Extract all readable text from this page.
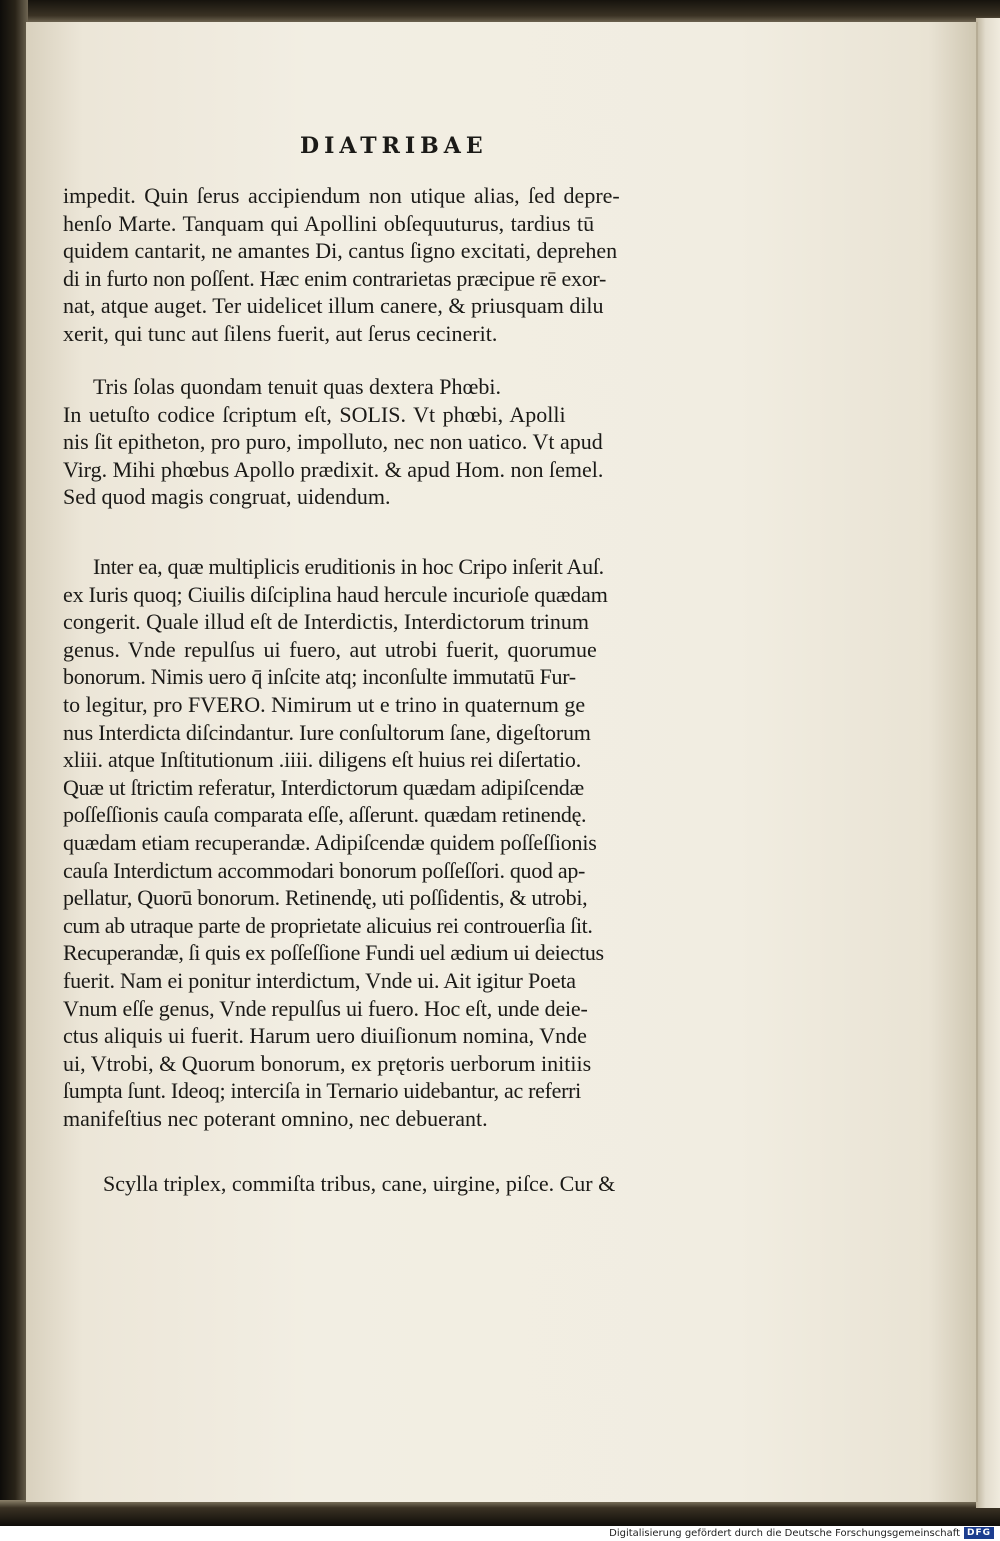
DIATRIBAE
impedit. Quin ſerus accipiendum non utique alias, ſed depre-
henſo Marte. Tanquam qui Apollini obſequuturus, tardius tū
quidem cantarit, ne amantes Di, cantus ſigno excitati, deprehen
di in furto non poſſent. Hæc enim contrarietas præcipue rē exor-
nat, atque auget. Ter uidelicet illum canere, & priusquam dilu
xerit, qui tunc aut ſilens fuerit, aut ſerus cecinerit.
Tris ſolas quondam tenuit quas dextera Phœbi.
In uetuſto codice ſcriptum eſt, SOLIS. Vt phœbi, Apolli
nis ſit epitheton, pro puro, impolluto, nec non uatico. Vt apud
Virg. Mihi phœbus Apollo prædixit. & apud Hom. non ſemel.
Sed quod magis congruat, uidendum.
Inter ea, quæ multiplicis eruditionis in hoc Cripo inſerit Auſ.
ex Iuris quoq; Ciuilis diſciplina haud hercule incurioſe quædam
congerit. Quale illud eſt de Interdictis, Interdictorum trinum
genus. Vnde repulſus ui fuero, aut utrobi fuerit, quorumue
bonorum. Nimis uero q̄ inſcite atq; inconſulte immutatū Fur-
to legitur, pro FVERO. Nimirum ut e trino in quaternum ge
nus Interdicta diſcindantur. Iure conſultorum ſane, digeſtorum
xliii. atque Inſtitutionum .iiii. diligens eſt huius rei diſertatio.
Quæ ut ſtrictim referatur, Interdictorum quædam adipiſcendæ
poſſeſſionis cauſa comparata eſſe, aſſerunt. quædam retinendę.
quædam etiam recuperandæ. Adipiſcendæ quidem poſſeſſionis
cauſa Interdictum accommodari bonorum poſſeſſori. quod ap-
pellatur, Quorū bonorum. Retinendę, uti poſſidentis, & utrobi,
cum ab utraque parte de proprietate alicuius rei controuerſia ſit.
Recuperandæ, ſi quis ex poſſeſſione Fundi uel ædium ui deiectus
fuerit. Nam ei ponitur interdictum, Vnde ui. Ait igitur Poeta
Vnum eſſe genus, Vnde repulſus ui fuero. Hoc eſt, unde deie-
ctus aliquis ui fuerit. Harum uero diuiſionum nomina, Vnde
ui, Vtrobi, & Quorum bonorum, ex prętoris uerborum initiis
ſumpta ſunt. Ideoq; interciſa in Ternario uidebantur, ac referri
manifeſtius nec poterant omnino, nec debuerant.
Scylla triplex, commiſta tribus, cane, uirgine, piſce. Cur &
Digitalisierung gefördert durch die Deutsche Forschungsgemeinschaft DFG
